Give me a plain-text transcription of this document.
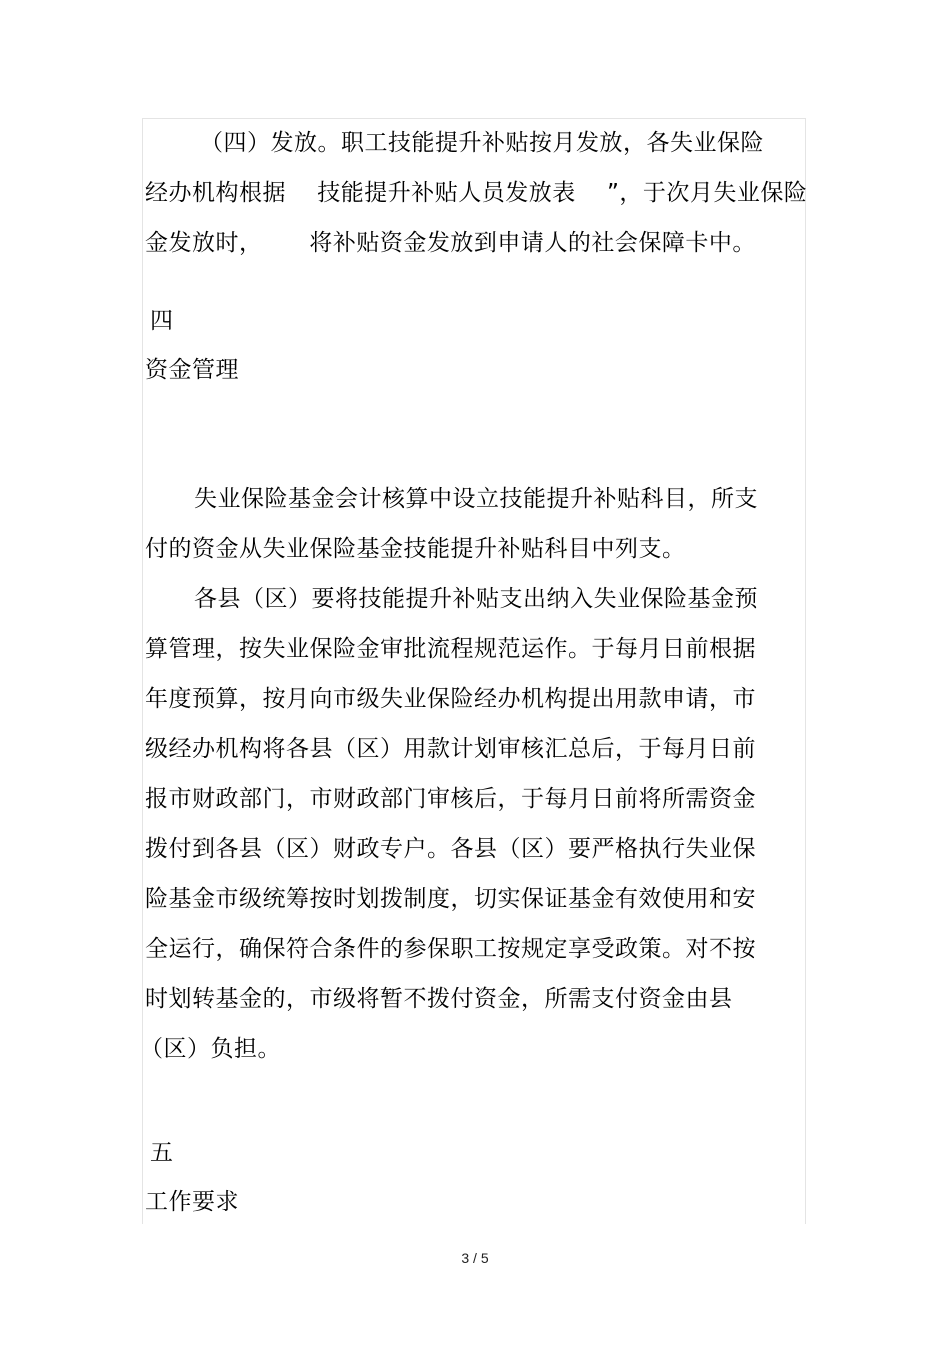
（四）发放。职工技能提升补贴按月发放，各失业保险
经办机构根据    技能提升补贴人员发放表    ”，于次月失业保险
金发放时，      将补贴资金发放到申请人的社会保障卡中。
四
资金管理
失业保险基金会计核算中设立技能提升补贴科目，所支
付的资金从失业保险基金技能提升补贴科目中列支。
各县（区）要将技能提升补贴支出纳入失业保险基金预
算管理，按失业保险金审批流程规范运作。于每月日前根据
年度预算，按月向市级失业保险经办机构提出用款申请，市
级经办机构将各县（区）用款计划审核汇总后，于每月日前
报市财政部门，市财政部门审核后，于每月日前将所需资金
拨付到各县（区）财政专户。各县（区）要严格执行失业保
险基金市级统筹按时划拨制度，切实保证基金有效使用和安
全运行，确保符合条件的参保职工按规定享受政策。对不按
时划转基金的，市级将暂不拨付资金，所需支付资金由县
（区）负担。
五
工作要求
3 / 5
